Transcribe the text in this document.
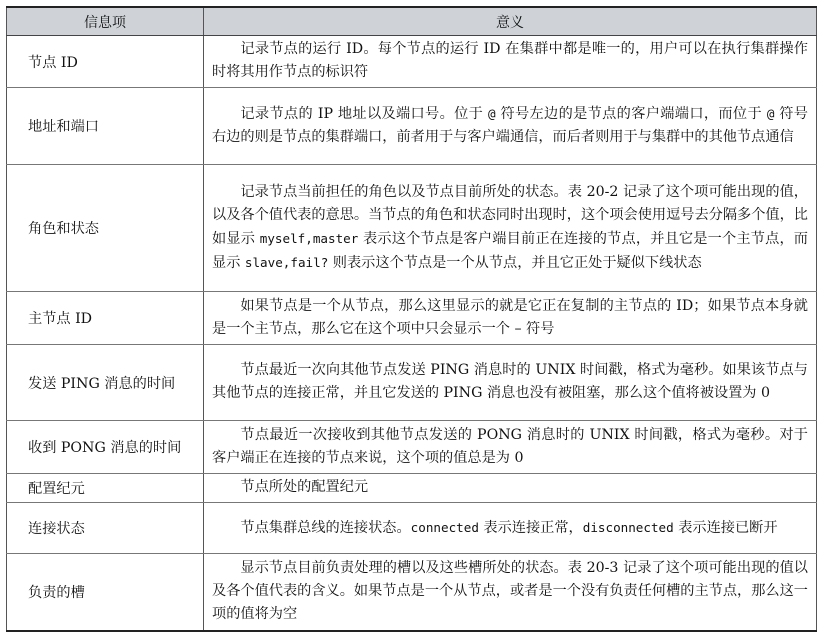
信息项	意义
节点 ID	记录节点的运行 ID。每个节点的运行 ID 在集群中都是唯一的，用户可以在执行集群操作时将其用作节点的标识符
地址和端口	记录节点的 IP 地址以及端口号。位于 @ 符号左边的是节点的客户端端口，而位于 @ 符号右边的则是节点的集群端口，前者用于与客户端通信，而后者则用于与集群中的其他节点通信
角色和状态	记录节点当前担任的角色以及节点目前所处的状态。表 20-2 记录了这个项可能出现的值，以及各个值代表的意思。当节点的角色和状态同时出现时，这个项会使用逗号去分隔多个值，比如显示 myself,master 表示这个节点是客户端目前正在连接的节点，并且它是一个主节点，而显示 slave,fail? 则表示这个节点是一个从节点，并且它正处于疑似下线状态
主节点 ID	如果节点是一个从节点，那么这里显示的就是它正在复制的主节点的 ID；如果节点本身就是一个主节点，那么它在这个项中只会显示一个 – 符号
发送 PING 消息的时间	节点最近一次向其他节点发送 PING 消息时的 UNIX 时间戳，格式为毫秒。如果该节点与其他节点的连接正常，并且它发送的 PING 消息也没有被阻塞，那么这个值将被设置为 0
收到 PONG 消息的时间	节点最近一次接收到其他节点发送的 PONG 消息时的 UNIX 时间戳，格式为毫秒。对于客户端正在连接的节点来说，这个项的值总是为 0
配置纪元	节点所处的配置纪元
连接状态	节点集群总线的连接状态。connected 表示连接正常，disconnected 表示连接已断开
负责的槽	显示节点目前负责处理的槽以及这些槽所处的状态。表 20-3 记录了这个项可能出现的值以及各个值代表的含义。如果节点是一个从节点，或者是一个没有负责任何槽的主节点，那么这一项的值将为空
